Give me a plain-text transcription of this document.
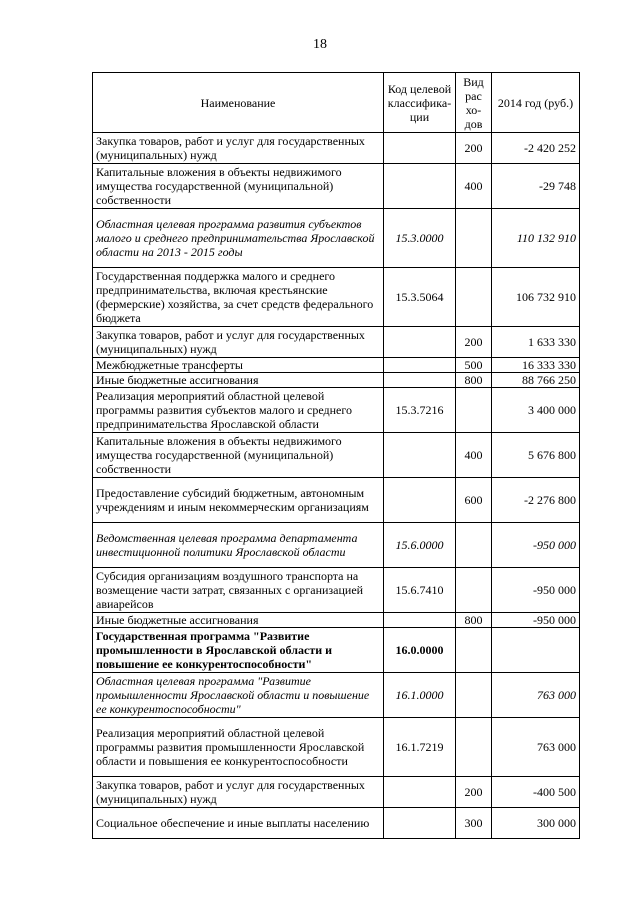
18
Наименование	Код целевой классифика-ции	Вид рас хо-дов	2014 год (руб.)
Закупка товаров, работ и услуг для государственных (муниципальных) нужд		200	-2 420 252
Капитальные вложения в объекты недвижимого имущества государственной (муниципальной) собственности		400	-29 748
Областная целевая программа развития субъектов малого и среднего предпринимательства Ярославской области на 2013 - 2015 годы	15.3.0000		110 132 910
Государственная поддержка малого и среднего предпринимательства, включая крестьянские (фермерские) хозяйства, за счет средств федерального бюджета	15.3.5064		106 732 910
Закупка товаров, работ и услуг для государственных (муниципальных) нужд		200	1 633 330
Межбюджетные трансферты		500	16 333 330
Иные бюджетные ассигнования		800	88 766 250
Реализация мероприятий областной целевой программы развития субъектов малого и среднего предпринимательства Ярославской области	15.3.7216		3 400 000
Капитальные вложения в объекты недвижимого имущества государственной (муниципальной) собственности		400	5 676 800
Предоставление субсидий бюджетным, автономным учреждениям и иным некоммерческим организациям		600	-2 276 800
Ведомственная целевая программа департамента инвестиционной политики Ярославской области	15.6.0000		-950 000
Субсидия организациям воздушного транспорта на возмещение части затрат, связанных с организацией авиарейсов	15.6.7410		-950 000
Иные бюджетные ассигнования		800	-950 000
Государственная программа "Развитие промышленности в Ярославской области и повышение ее конкурентоспособности"	16.0.0000		
Областная целевая программа "Развитие промышленности Ярославской области и повышение ее конкурентоспособности"	16.1.0000		763 000
Реализация мероприятий областной целевой программы развития промышленности Ярославской области и повышения ее конкурентоспособности	16.1.7219		763 000
Закупка товаров, работ и услуг для государственных (муниципальных) нужд		200	-400 500
Социальное обеспечение и иные выплаты населению		300	300 000
